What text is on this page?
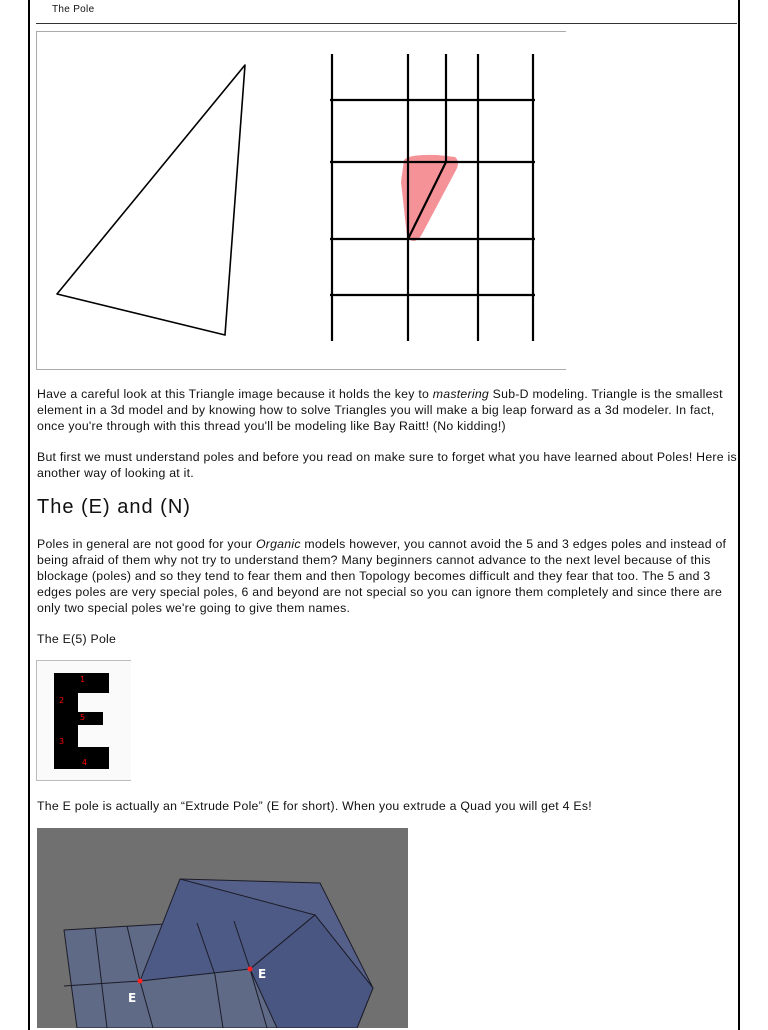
The Pole

Have a careful look at this Triangle image because it holds the key to mastering Sub-D modeling. Triangle is the smallest element in a 3d model and by knowing how to solve Triangles you will make a big leap forward as a 3d modeler. In fact, once you're through with this thread you'll be modeling like Bay Raitt! (No kidding!)

But first we must understand poles and before you read on make sure to forget what you have learned about Poles! Here is another way of looking at it.

The (E) and (N)

Poles in general are not good for your Organic models however, you cannot avoid the 5 and 3 edges poles and instead of being afraid of them why not try to understand them? Many beginners cannot advance to the next level because of this blockage (poles) and so they tend to fear them and then Topology becomes difficult and they fear that too. The 5 and 3 edges poles are very special poles, 6 and beyond are not special so you can ignore them completely and since there are only two special poles we're going to give them names.

The E(5) Pole

1
2
5
3
4

The E pole is actually an “Extrude Pole” (E for short). When you extrude a Quad you will get 4 Es!

E
E
